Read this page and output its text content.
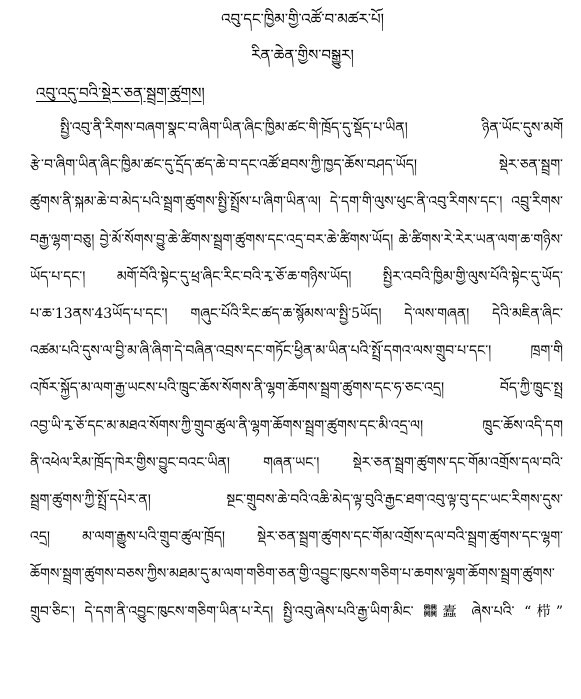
འབུ་དང་ཁྱིམ་གྱི་འཚོ་བ་མཚར་པོ།

རིན་ཆེན་གྱིས་བསྒྱུར།

འབུ་འདུ་བའི་སྡེར་ཅན་སྦྲག་ཚུགས།
སྤྱི་འབུ་ནི་རིགས་བཞག་སྣང་བ་ཞིག་ཡིན་ཞིང་ཁྱིམ་ཚང་གི་ཁྲོད་དུ་སྡོད་པ་ཡིན། ཉིན་ཡོང་དུས་མགོ
རྩེ་བ་ཞིག་ཡིན་ཞིང་ཁྱིམ་ཚང་དུ་དྲོད་ཚད་ཆེ་བ་དང་འཚོ་ཐབས་ཀྱི་ཁྱད་ཆོས་བཤད་ཡོད། སྡེར་ཅན་སྦྲག་
ཚུགས་ནི་སྐམ་ཆེ་བ་མེད་པའི་སྦྲག་ཚུགས་སྤྱི་སྤྲོས་པ་ཞིག་ཡིན་ལ། དེ་དག་གི་ལུས་ཕུང་ནི་འབུ་རིགས་དང་། འབྲུ་རིགས་
བརྒྱ་ལྷག་བཅུ། བྱེ་མོ་སོགས་བྱུ་ཆེ་ཚིགས་སྦྲག་ཚུགས་དང་འདྲ་བར་ཆེ་ཚིགས་ཡོད། ཆེ་ཚིགས་རེ་རེར་ཡན་ལག་ཆ་གཉིས་
ཡོད་པ་དང་། མགོ་བོའི་སྟེང་དུ་ཕྲ་ཞིང་རིང་བའི་རྭ་ཅོ་ཆ་གཉིས་ཡོད། སྤྱིར་འབའི་ཁྱིམ་གྱི་ལུས་པོའི་སྟེང་དུ་ཡོད་
པ་ཆ་13ནས་43ཡོད་པ་དང་། གཞུང་པོའི་རིང་ཚད་ཆ་སྙོམས་ལ་སྤྱི་5ཡོད། དེ་ལས་གཞན། དེའི་མཇིན་ཞིང་
འཚམ་པའི་དུས་ལ་བྱི་མ་ཞི་ཞིག་དེ་བཞིན་འབྲས་དང་གཏོང་ཕྱིན་མ་ཡིན་པའི་སྤྲོ་དགའ་ལས་གྲུབ་པ་དང་། ཁྲག་གི
འཁོར་སྐྱོད་མ་ལག་རྒྱ་ཡངས་པའི་ཁྲུང་ཆོས་སོགས་ནི་ལྷག་ཆོགས་སྦྲག་ཚུགས་དང་ཧ་ཅང་འདྲ། བོད་ཀྱི་ཁྲུང་སྤྲ
འབྱ་ཡི་རྭ་ཅོ་དང་མ་མཐའ་སོགས་ཀྱི་གྲུབ་ཚུལ་ནི་ལྷག་ཆོགས་སྦྲག་ཚུགས་དང་མི་འདྲ་ལ། ཁྲུང་ཆོས་འདི་དག
ནི་འཕེལ་རིམ་ཁྲོད་ཁེར་གྱིས་བྱུང་བའང་ཡིན། གཞན་ཡང་། སྡེར་ཅན་སྦྲག་ཚུགས་དང་གོམ་འགྲོས་དལ་བའི་
སྦྲག་ཚུགས་ཀྱི་སྤྲོ་དཔེར་ན། སྔང་གྲུབས་ཆེ་བའི་འཆི་མེད་ལྟ་བུའི་རྒྱང་ཐག་འབུ་ལྟ་བུ་དང་ཡང་རིགས་དུས་
འདྲ། མ་ལག་རྒྱུས་པའི་གྲུབ་ཚུལ་ཁྲོད། སྡེར་ཅན་སྦྲག་ཚུགས་དང་གོམ་འགྲོས་དལ་བའི་སྦྲག་ཚུགས་དང་ལྷག་
ཆོགས་སྦྲག་ཚུགས་བཅས་ཀྱིས་མཐམ་དུ་མ་ལག་གཅིག་ཅན་གྱི་འབྱུང་ཁུངས་གཅིག་པ་ཆགས་ལྷག་ཆོགས་སྦྲག་ཚུགས་
གྲུབ་ཅིང་། དེ་དག་ནི་འབྱུང་ཁུངས་གཅིག་ཡིན་པ་རེད། སྤྱི་འབུ་ཞེས་པའི་རྒྱ་ཡིག་མིང་ 𠔻蠹 ཞེས་པའི་ “栉”
